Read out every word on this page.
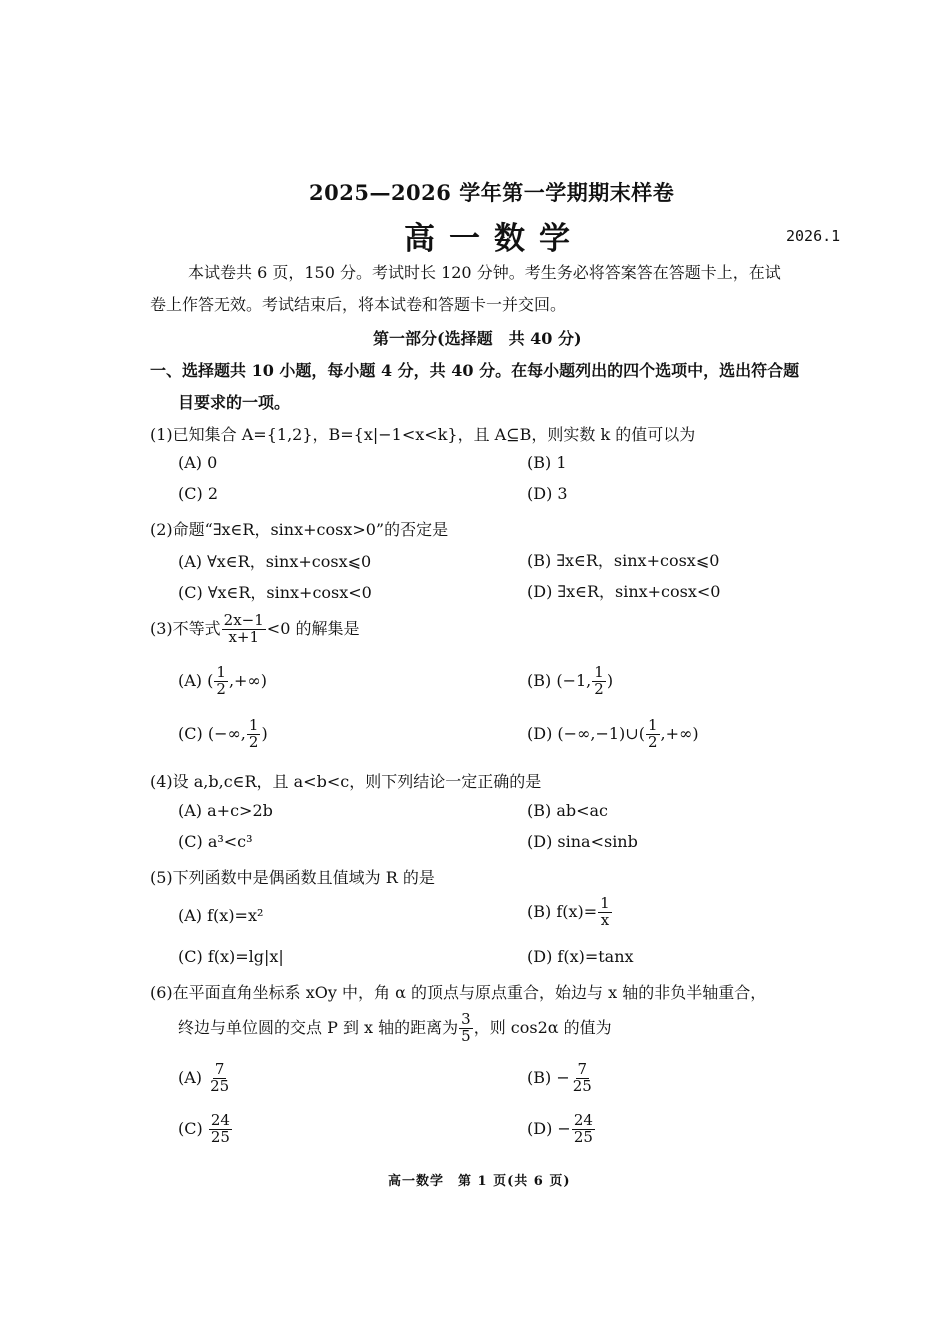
2025—2026 学年第一学期期末样卷
高一数学	2026.1
本试卷共 6 页，150 分。考试时长 120 分钟。考生务必将答案答在答题卡上，在试
卷上作答无效。考试结束后，将本试卷和答题卡一并交回。
第一部分(选择题　共 40 分)
一、选择题共 10 小题，每小题 4 分，共 40 分。在每小题列出的四个选项中，选出符合题
目要求的一项。
(1)已知集合 A={1,2}，B={x|−1<x<k}，且 A⊆B，则实数 k 的值可以为
(A) 0	(B) 1
(C) 2	(D) 3
(2)命题“∃x∈R，sinx+cosx>0”的否定是
(A) ∀x∈R，sinx+cosx⩽0	(B) ∃x∈R，sinx+cosx⩽0
(C) ∀x∈R，sinx+cosx<0	(D) ∃x∈R，sinx+cosx<0
(3)不等式 $\frac{2x-1}{x+1} <0$ 的解集是
(A) ( $\frac{1}{2}$ ,+∞)	(B) (−1, $\frac{1}{2}$ )
(C) (−∞, $\frac{1}{2}$ )	(D) (−∞,−1)∪( $\frac{1}{2}$ ,+∞)
(4)设 a,b,c∈R，且 a<b<c，则下列结论一定正确的是
(A) a+c>2b	(B) ab<ac
(C) a³<c³	(D) sina<sinb
(5)下列函数中是偶函数且值域为 R 的是
(A) f(x)=x²	(B) $f(x)= \frac{1}{x}$
(C) f(x)=lg|x|	(D) f(x)=tanx
(6)在平面直角坐标系 xOy 中，角 α 的顶点与原点重合，始边与 x 轴的非负半轴重合，
终边与单位圆的交点 P 到 x 轴的距离为 $\frac{3}{5}$ ，则 cos2α 的值为
$(A) \frac{7}{25}$	$(B) - \frac{7}{25}$
$(C) \frac{24}{25}$	$(D) - \frac{24}{25}$
高一数学　第 1 页(共 6 页)
